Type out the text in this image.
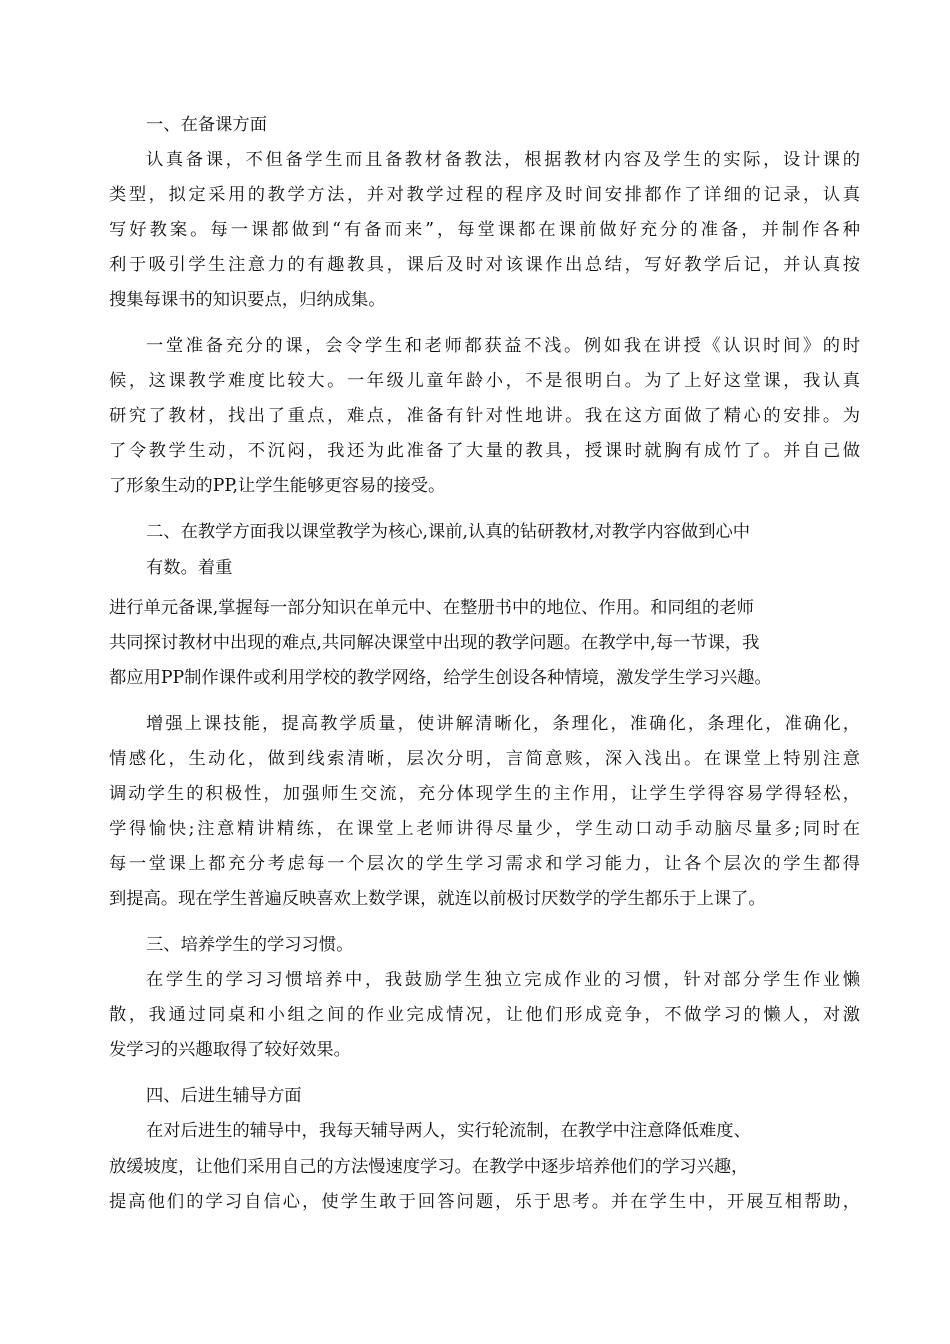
一、在备课方面
认真备课，不但备学生而且备教材备教法，根据教材内容及学生的实际，设计课的
类型，拟定采用的教学方法，并对教学过程的程序及时间安排都作了详细的记录，认真
写好教案。每一课都做到“有备而来”，每堂课都在课前做好充分的准备，并制作各种
利于吸引学生注意力的有趣教具，课后及时对该课作出总结，写好教学后记，并认真按
搜集每课书的知识要点，归纳成集。
一堂准备充分的课，会令学生和老师都获益不浅。例如我在讲授《认识时间》的时
候，这课教学难度比较大。一年级儿童年龄小，不是很明白。为了上好这堂课，我认真
研究了教材，找出了重点，难点，准备有针对性地讲。我在这方面做了精心的安排。为
了令教学生动，不沉闷，我还为此准备了大量的教具，授课时就胸有成竹了。并自己做
了形象生动的PP,让学生能够更容易的接受。
二、在教学方面我以课堂教学为核心,课前,认真的钻研教材,对教学内容做到心中
有数。着重
进行单元备课,掌握每一部分知识在单元中、在整册书中的地位、作用。和同组的老师
共同探讨教材中出现的难点,共同解决课堂中出现的教学问题。在教学中,每一节课，我
都应用PP制作课件或利用学校的教学网络，给学生创设各种情境，激发学生学习兴趣。
增强上课技能，提高教学质量，使讲解清晰化，条理化，准确化，条理化，准确化，
情感化，生动化，做到线索清晰，层次分明，言简意赅，深入浅出。在课堂上特别注意
调动学生的积极性，加强师生交流，充分体现学生的主作用，让学生学得容易学得轻松，
学得愉快;注意精讲精练，在课堂上老师讲得尽量少，学生动口动手动脑尽量多;同时在
每一堂课上都充分考虑每一个层次的学生学习需求和学习能力，让各个层次的学生都得
到提高。现在学生普遍反映喜欢上数学课，就连以前极讨厌数学的学生都乐于上课了。
三、培养学生的学习习惯。
在学生的学习习惯培养中，我鼓励学生独立完成作业的习惯，针对部分学生作业懒
散，我通过同桌和小组之间的作业完成情况，让他们形成竞争，不做学习的懒人，对激
发学习的兴趣取得了较好效果。
四、后进生辅导方面
在对后进生的辅导中，我每天辅导两人，实行轮流制，在教学中注意降低难度、
放缓坡度，让他们采用自己的方法慢速度学习。在教学中逐步培养他们的学习兴趣，
提高他们的学习自信心，使学生敢于回答问题，乐于思考。并在学生中，开展互相帮助，
